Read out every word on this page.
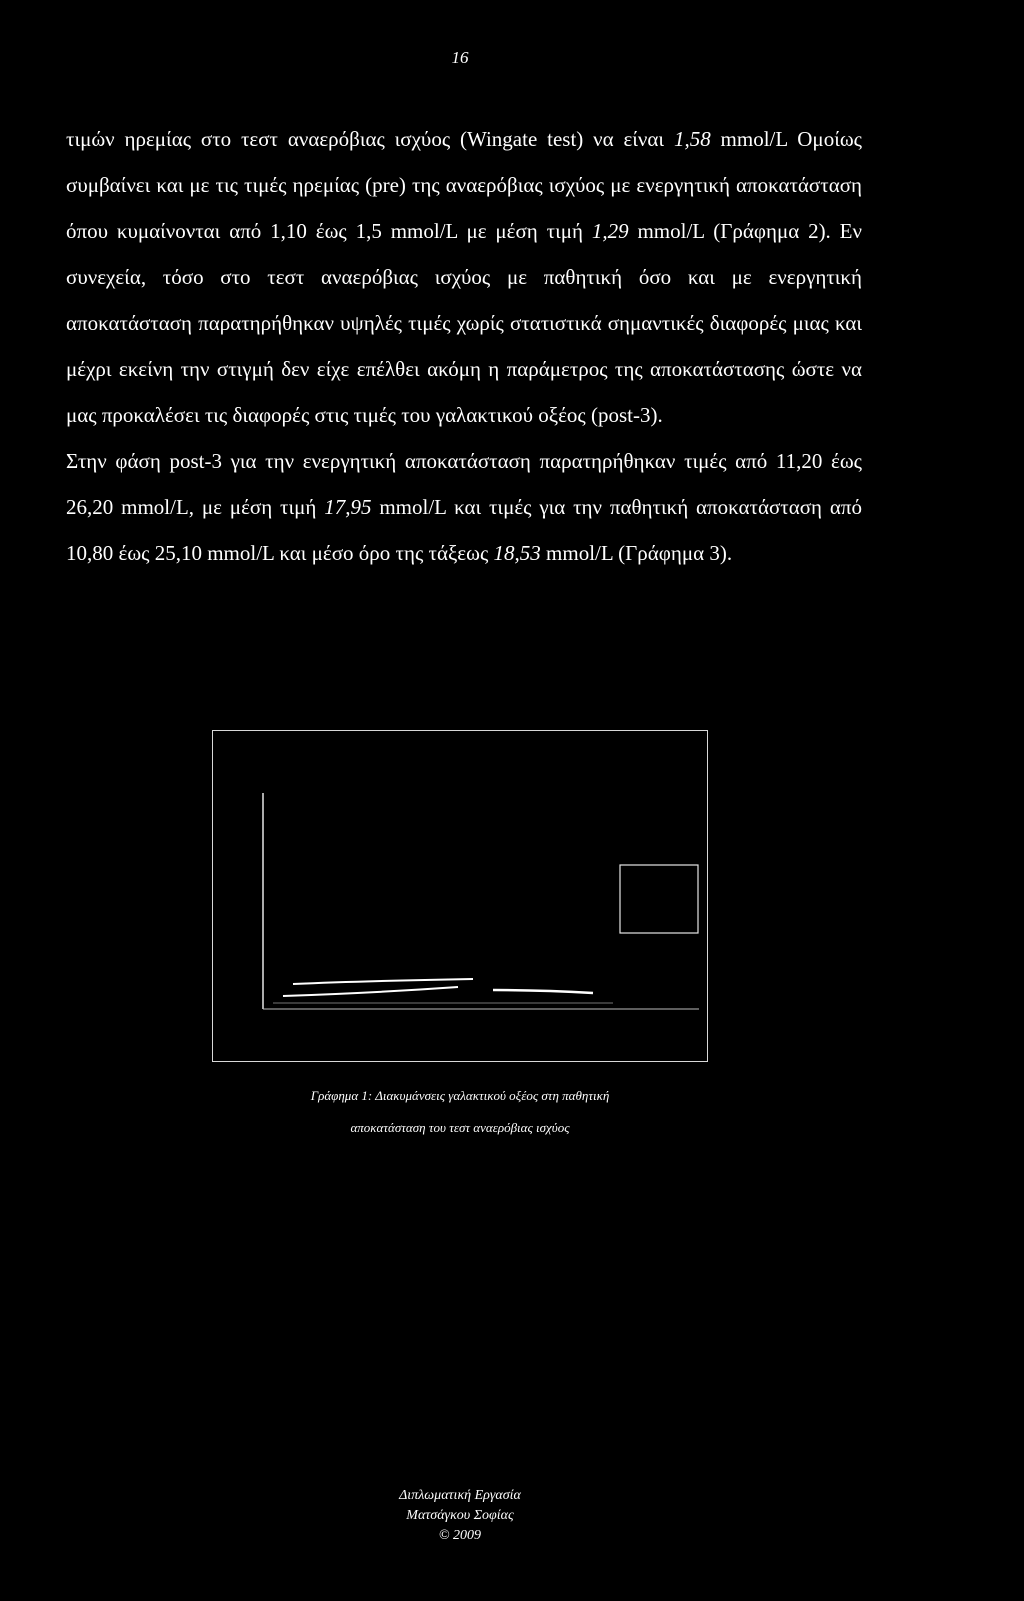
16

τιμών ηρεμίας στο τεστ αναερόβιας ισχύος (Wingate test) να είναι 1,58 mmol/L Ομοίως συμβαίνει και με τις τιμές ηρεμίας (pre) της αναερόβιας ισχύος με ενεργητική αποκατάσταση όπου κυμαίνονται από 1,10 έως 1,5 mmol/L με μέση τιμή 1,29 mmol/L (Γράφημα 2). Εν συνεχεία, τόσο στο τεστ αναερόβιας ισχύος με παθητική όσο και με ενεργητική αποκατάσταση παρατηρήθηκαν υψηλές τιμές χωρίς στατιστικά σημαντικές διαφορές μιας και μέχρι εκείνη την στιγμή δεν είχε επέλθει ακόμη η παράμετρος της αποκατάστασης ώστε να μας προκαλέσει τις διαφορές στις τιμές του γαλακτικού οξέος (post-3).

Στην φάση post-3 για την ενεργητική αποκατάσταση παρατηρήθηκαν τιμές από 11,20 έως 26,20 mmol/L, με μέση τιμή 17,95 mmol/L και τιμές για την παθητική αποκατάσταση από 10,80 έως 25,10 mmol/L και μέσο όρο της τάξεως 18,53 mmol/L (Γράφημα 3).

Γράφημα 1: Διακυμάνσεις γαλακτικού οξέος στη παθητική
αποκατάσταση του τεστ αναερόβιας ισχύος
Διπλωματική Εργασία
Ματσάγκου Σοφίας
© 2009
